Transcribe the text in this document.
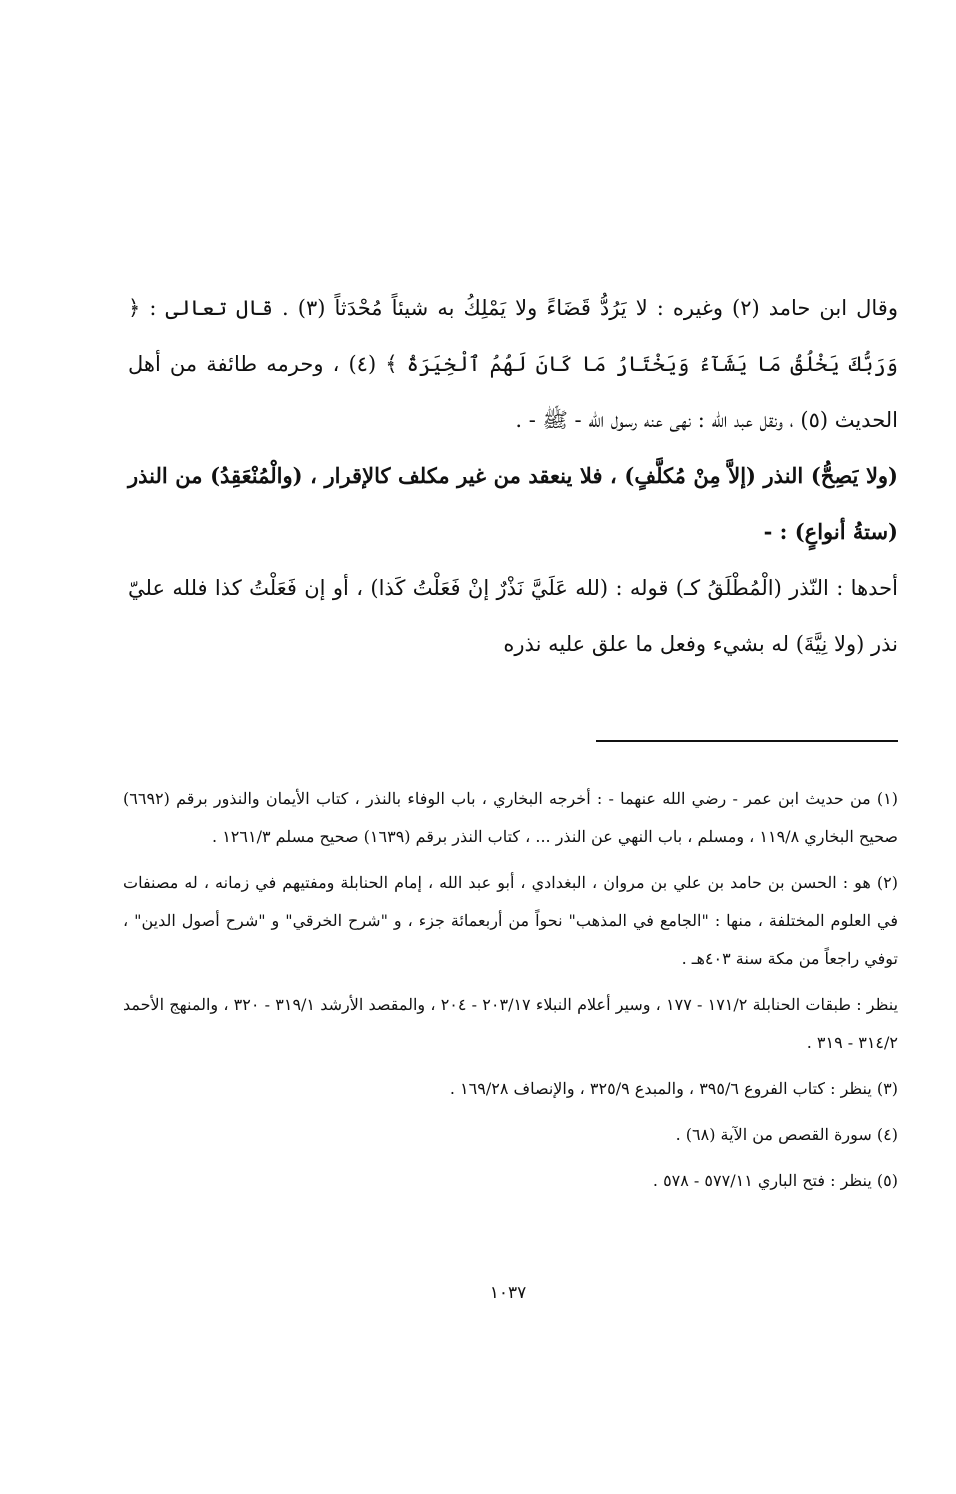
وقال ابن حامد (٢) وغيره : لا يَرُدُّ قَضَاءً ولا يَمْلِكُ به شيئاً مُحْدَثاً (٣) . قال تعالى : ﴿ وَرَبُّكَ يَخْلُقُ مَا يَشَآءُ وَيَخْتَارُ مَا كَانَ لَهُمُ ٱلْخِيَرَةُ ﴾ (٤) ، وحرمه طائفة من أهل الحديث (٥) ، ونقل عبد الله : نهى عنه رسول الله - ﷺ - .

(ولا يَصِحُّ) النذر (إلاَّ مِنْ مُكلَّفٍ) ، فلا ينعقد من غير مكلف كالإقرار ، (والْمُنْعَقِدُ) من النذر (ستةُ أنواعٍ) : -

أحدها : النّذر (الْمُطْلَقُ كـ) قوله : (لله عَلَيَّ نَذْرٌ إنْ فَعَلْتُ كَذا) ، أو إن فَعَلْتُ كذا فلله عليّ نذر (ولا نِيَّةَ) له بشيء وفعل ما علق عليه نذره

(١) من حديث ابن عمر - رضي الله عنهما - : أخرجه البخاري ، باب الوفاء بالنذر ، كتاب الأيمان والنذور برقم (٦٦٩٢) صحيح البخاري ١١٩/٨ ، ومسلم ، باب النهي عن النذر ... ، كتاب النذر برقم (١٦٣٩) صحيح مسلم ١٢٦١/٣ .

(٢) هو : الحسن بن حامد بن علي بن مروان ، البغدادي ، أبو عبد الله ، إمام الحنابلة ومفتيهم في زمانه ، له مصنفات في العلوم المختلفة ، منها : "الجامع في المذهب" نحواً من أربعمائة جزء ، و "شرح الخرقي" و "شرح أصول الدين" ، توفي راجعاً من مكة سنة ٤٠٣هـ .

ينظر : طبقات الحنابلة ١٧١/٢ - ١٧٧ ، وسير أعلام النبلاء ٢٠٣/١٧ - ٢٠٤ ، والمقصد الأرشد ٣١٩/١ - ٣٢٠ ، والمنهج الأحمد ٣١٤/٢ - ٣١٩ .

(٣) ينظر : كتاب الفروع ٣٩٥/٦ ، والمبدع ٣٢٥/٩ ، والإنصاف ١٦٩/٢٨ .

(٤) سورة القصص من الآية (٦٨) .

(٥) ينظر : فتح الباري ٥٧٧/١١ - ٥٧٨ .

١٠٣٧
